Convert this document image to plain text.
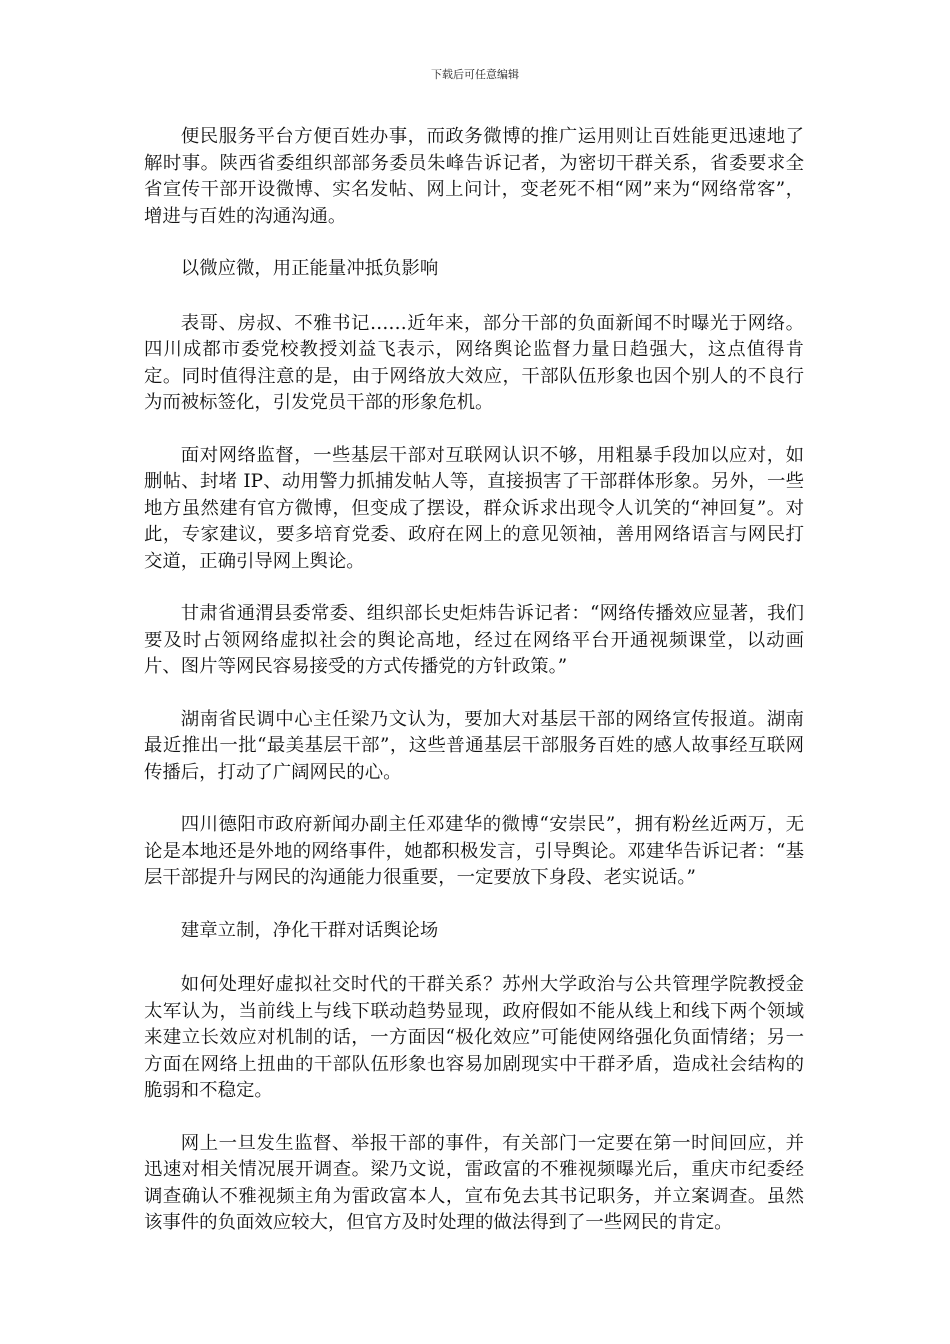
下载后可任意编辑

便民服务平台方便百姓办事，而政务微博的推广运用则让百姓能更迅速地了解时事。陕西省委组织部部务委员朱峰告诉记者，为密切干群关系，省委要求全省宣传干部开设微博、实名发帖、网上问计，变老死不相“网”来为“网络常客”，增进与百姓的沟通沟通。

以微应微，用正能量冲抵负影响

表哥、房叔、不雅书记……近年来，部分干部的负面新闻不时曝光于网络。四川成都市委党校教授刘益飞表示，网络舆论监督力量日趋强大，这点值得肯定。同时值得注意的是，由于网络放大效应，干部队伍形象也因个别人的不良行为而被标签化，引发党员干部的形象危机。

面对网络监督，一些基层干部对互联网认识不够，用粗暴手段加以应对，如删帖、封堵 IP、动用警力抓捕发帖人等，直接损害了干部群体形象。另外，一些地方虽然建有官方微博，但变成了摆设，群众诉求出现令人讥笑的“神回复”。对此，专家建议，要多培育党委、政府在网上的意见领袖，善用网络语言与网民打交道，正确引导网上舆论。

甘肃省通渭县委常委、组织部长史炬炜告诉记者：“网络传播效应显著，我们要及时占领网络虚拟社会的舆论高地，经过在网络平台开通视频课堂，以动画片、图片等网民容易接受的方式传播党的方针政策。”

湖南省民调中心主任梁乃文认为，要加大对基层干部的网络宣传报道。湖南最近推出一批“最美基层干部”，这些普通基层干部服务百姓的感人故事经互联网传播后，打动了广阔网民的心。

四川德阳市政府新闻办副主任邓建华的微博“安崇民”，拥有粉丝近两万，无论是本地还是外地的网络事件，她都积极发言，引导舆论。邓建华告诉记者：“基层干部提升与网民的沟通能力很重要，一定要放下身段、老实说话。”

建章立制，净化干群对话舆论场

如何处理好虚拟社交时代的干群关系？苏州大学政治与公共管理学院教授金太军认为，当前线上与线下联动趋势显现，政府假如不能从线上和线下两个领域来建立长效应对机制的话，一方面因“极化效应”可能使网络强化负面情绪；另一方面在网络上扭曲的干部队伍形象也容易加剧现实中干群矛盾，造成社会结构的脆弱和不稳定。

网上一旦发生监督、举报干部的事件，有关部门一定要在第一时间回应，并迅速对相关情况展开调查。梁乃文说，雷政富的不雅视频曝光后，重庆市纪委经调查确认不雅视频主角为雷政富本人，宣布免去其书记职务，并立案调查。虽然该事件的负面效应较大，但官方及时处理的做法得到了一些网民的肯定。
